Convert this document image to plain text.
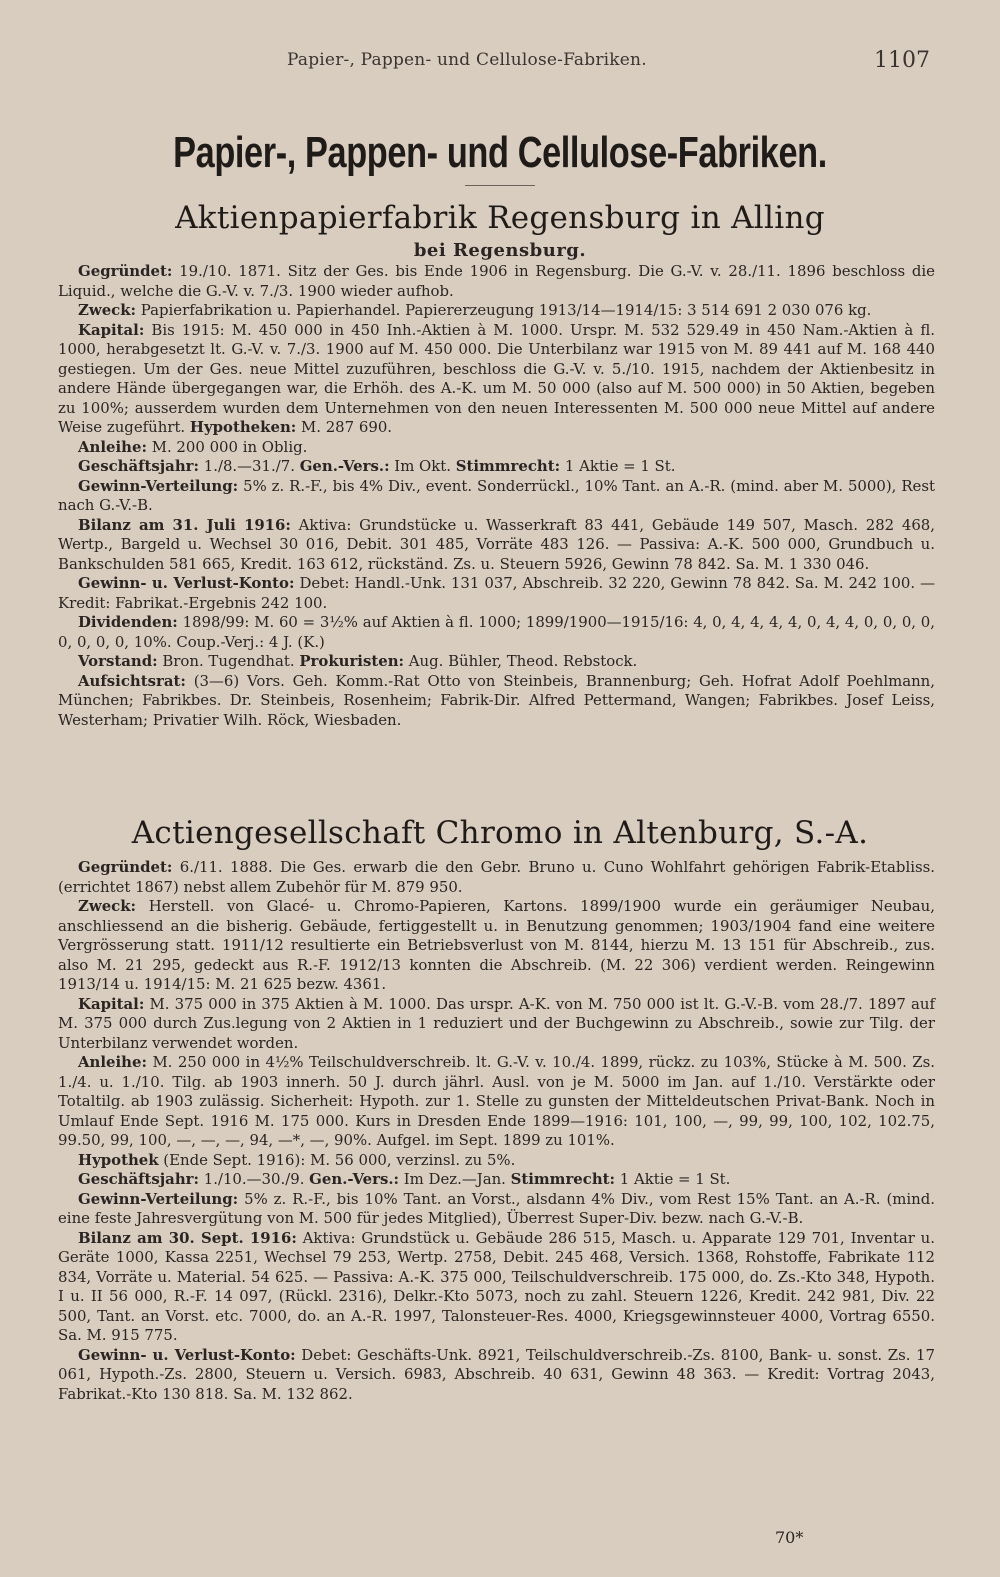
Papier-, Pappen- und Cellulose-Fabriken.	1107
Papier-, Pappen- und Cellulose-Fabriken.
Aktienpapierfabrik Regensburg in Alling
bei Regensburg.

Gegründet: 19./10. 1871. Sitz der Ges. bis Ende 1906 in Regensburg. Die G.-V. v. 28./11. 1896 beschloss die Liquid., welche die G.-V. v. 7./3. 1900 wieder aufhob.

Zweck: Papierfabrikation u. Papierhandel. Papiererzeugung 1913/14—1914/15: 3 514 691 2 030 076 kg.

Kapital: Bis 1915: M. 450 000 in 450 Inh.-Aktien à M. 1000. Urspr. M. 532 529.49 in 450 Nam.-Aktien à fl. 1000, herabgesetzt lt. G.-V. v. 7./3. 1900 auf M. 450 000. Die Unterbilanz war 1915 von M. 89 441 auf M. 168 440 gestiegen. Um der Ges. neue Mittel zuzuführen, beschloss die G.-V. v. 5./10. 1915, nachdem der Aktienbesitz in andere Hände übergegangen war, die Erhöh. des A.-K. um M. 50 000 (also auf M. 500 000) in 50 Aktien, begeben zu 100%; ausserdem wurden dem Unternehmen von den neuen Interessenten M. 500 000 neue Mittel auf andere Weise zugeführt. Hypotheken: M. 287 690.

Anleihe: M. 200 000 in Oblig.

Geschäftsjahr: 1./8.—31./7. Gen.-Vers.: Im Okt. Stimmrecht: 1 Aktie = 1 St.

Gewinn-Verteilung: 5% z. R.-F., bis 4% Div., event. Sonderrückl., 10% Tant. an A.-R. (mind. aber M. 5000), Rest nach G.-V.-B.

Bilanz am 31. Juli 1916: Aktiva: Grundstücke u. Wasserkraft 83 441, Gebäude 149 507, Masch. 282 468, Wertp., Bargeld u. Wechsel 30 016, Debit. 301 485, Vorräte 483 126. — Passiva: A.-K. 500 000, Grundbuch u. Bankschulden 581 665, Kredit. 163 612, rückständ. Zs. u. Steuern 5926, Gewinn 78 842. Sa. M. 1 330 046.

Gewinn- u. Verlust-Konto: Debet: Handl.-Unk. 131 037, Abschreib. 32 220, Gewinn 78 842. Sa. M. 242 100. — Kredit: Fabrikat.-Ergebnis 242 100.

Dividenden: 1898/99: M. 60 = 3½% auf Aktien à fl. 1000; 1899/1900—1915/16: 4, 0, 4, 4, 4, 4, 0, 4, 4, 0, 0, 0, 0, 0, 0, 0, 0, 10%. Coup.-Verj.: 4 J. (K.)

Vorstand: Bron. Tugendhat. Prokuristen: Aug. Bühler, Theod. Rebstock.

Aufsichtsrat: (3—6) Vors. Geh. Komm.-Rat Otto von Steinbeis, Brannenburg; Geh. Hofrat Adolf Poehlmann, München; Fabrikbes. Dr. Steinbeis, Rosenheim; Fabrik-Dir. Alfred Pettermand, Wangen; Fabrikbes. Josef Leiss, Westerham; Privatier Wilh. Röck, Wiesbaden.

Actiengesellschaft Chromo in Altenburg, S.-A.

Gegründet: 6./11. 1888. Die Ges. erwarb die den Gebr. Bruno u. Cuno Wohlfahrt gehörigen Fabrik-Etabliss. (errichtet 1867) nebst allem Zubehör für M. 879 950.

Zweck: Herstell. von Glacé- u. Chromo-Papieren, Kartons. 1899/1900 wurde ein geräumiger Neubau, anschliessend an die bisherig. Gebäude, fertiggestellt u. in Benutzung genommen; 1903/1904 fand eine weitere Vergrösserung statt. 1911/12 resultierte ein Betriebsverlust von M. 8144, hierzu M. 13 151 für Abschreib., zus. also M. 21 295, gedeckt aus R.-F. 1912/13 konnten die Abschreib. (M. 22 306) verdient werden. Reingewinn 1913/14 u. 1914/15: M. 21 625 bezw. 4361.

Kapital: M. 375 000 in 375 Aktien à M. 1000. Das urspr. A-K. von M. 750 000 ist lt. G.-V.-B. vom 28./7. 1897 auf M. 375 000 durch Zus.legung von 2 Aktien in 1 reduziert und der Buchgewinn zu Abschreib., sowie zur Tilg. der Unterbilanz verwendet worden.

Anleihe: M. 250 000 in 4½% Teilschuldverschreib. lt. G.-V. v. 10./4. 1899, rückz. zu 103%, Stücke à M. 500. Zs. 1./4. u. 1./10. Tilg. ab 1903 innerh. 50 J. durch jährl. Ausl. von je M. 5000 im Jan. auf 1./10. Verstärkte oder Totaltilg. ab 1903 zulässig. Sicherheit: Hypoth. zur 1. Stelle zu gunsten der Mitteldeutschen Privat-Bank. Noch in Umlauf Ende Sept. 1916 M. 175 000. Kurs in Dresden Ende 1899—1916: 101, 100, —, 99, 99, 100, 102, 102.75, 99.50, 99, 100, —, —, —, 94, —*, —, 90%. Aufgel. im Sept. 1899 zu 101%.

Hypothek (Ende Sept. 1916): M. 56 000, verzinsl. zu 5%.

Geschäftsjahr: 1./10.—30./9. Gen.-Vers.: Im Dez.—Jan. Stimmrecht: 1 Aktie = 1 St.

Gewinn-Verteilung: 5% z. R.-F., bis 10% Tant. an Vorst., alsdann 4% Div., vom Rest 15% Tant. an A.-R. (mind. eine feste Jahresvergütung von M. 500 für jedes Mitglied), Überrest Super-Div. bezw. nach G.-V.-B.

Bilanz am 30. Sept. 1916: Aktiva: Grundstück u. Gebäude 286 515, Masch. u. Apparate 129 701, Inventar u. Geräte 1000, Kassa 2251, Wechsel 79 253, Wertp. 2758, Debit. 245 468, Versich. 1368, Rohstoffe, Fabrikate 112 834, Vorräte u. Material. 54 625. — Passiva: A.-K. 375 000, Teilschuldverschreib. 175 000, do. Zs.-Kto 348, Hypoth. I u. II 56 000, R.-F. 14 097, (Rückl. 2316), Delkr.-Kto 5073, noch zu zahl. Steuern 1226, Kredit. 242 981, Div. 22 500, Tant. an Vorst. etc. 7000, do. an A.-R. 1997, Talonsteuer-Res. 4000, Kriegsgewinnsteuer 4000, Vortrag 6550. Sa. M. 915 775.

Gewinn- u. Verlust-Konto: Debet: Geschäfts-Unk. 8921, Teilschuldverschreib.-Zs. 8100, Bank- u. sonst. Zs. 17 061, Hypoth.-Zs. 2800, Steuern u. Versich. 6983, Abschreib. 40 631, Gewinn 48 363. — Kredit: Vortrag 2043, Fabrikat.-Kto 130 818. Sa. M. 132 862.

70*
